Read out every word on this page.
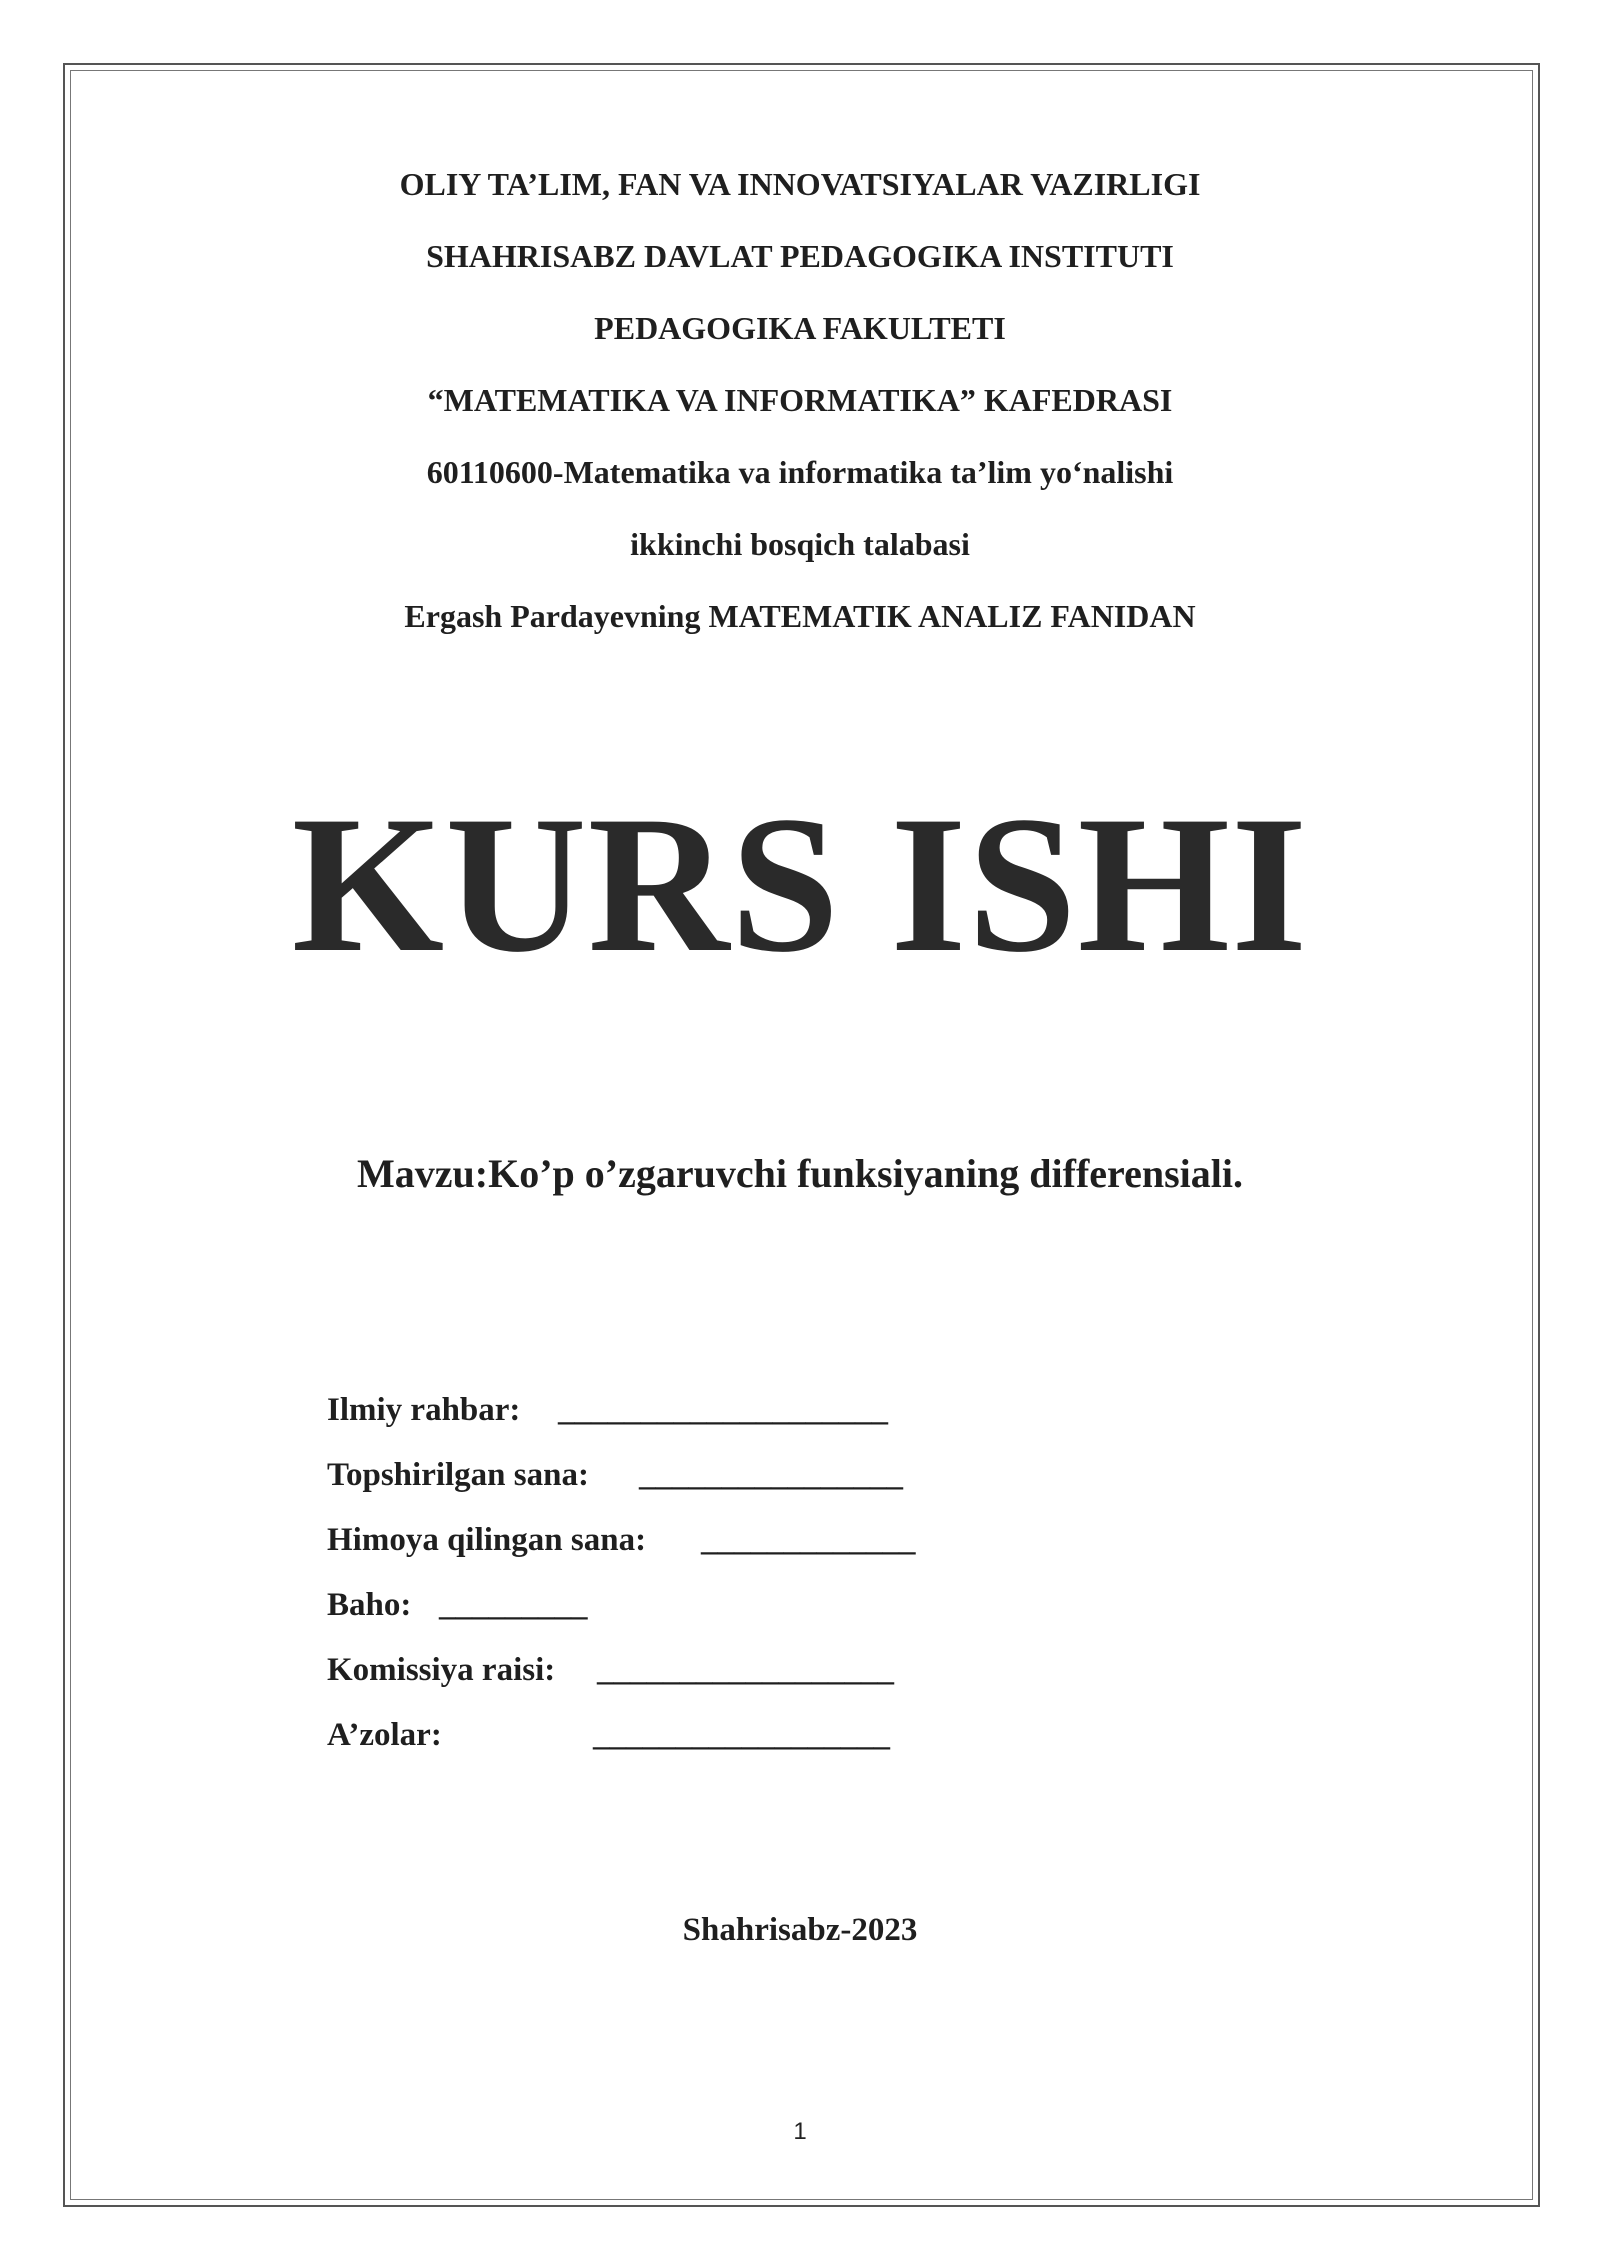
OLIY TA’LIM, FAN VA INNOVATSIYALAR VAZIRLIGI
SHAHRISABZ DAVLAT PEDAGOGIKA INSTITUTI
PEDAGOGIKA FAKULTETI
“MATEMATIKA VA INFORMATIKA” KAFEDRASI
60110600-Matematika va informatika ta’lim yo‘nalishi
ikkinchi bosqich talabasi
Ergash Pardayevning MATEMATIK ANALIZ FANIDAN
KURS ISHI
Mavzu:Ko’p o’zgaruvchi funksiyaning differensiali.
Ilmiy rahbar: ____________________
Topshirilgan sana: ________________
Himoya qilingan sana: _____________
Baho: _________
Komissiya raisi: __________________
A’zolar:	__________________
Shahrisabz-2023
1
